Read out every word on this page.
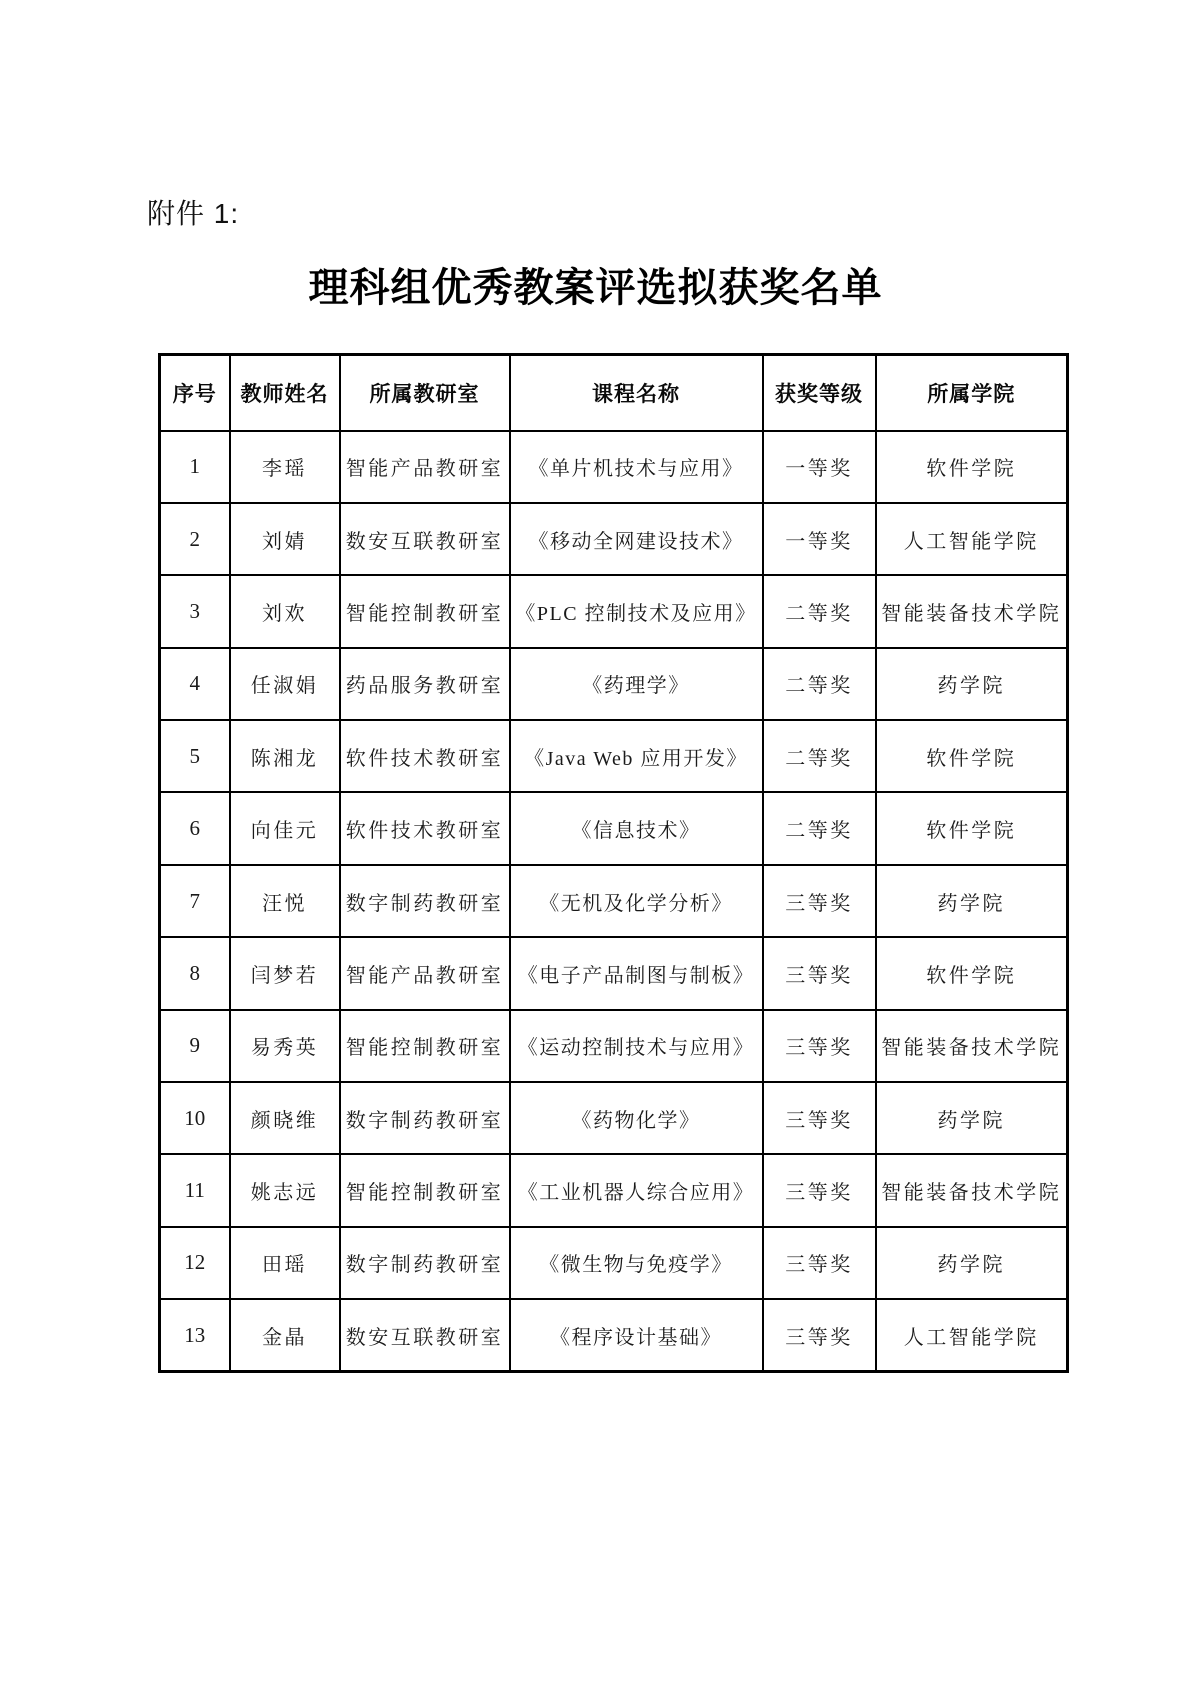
附件 1:
理科组优秀教案评选拟获奖名单
序号	教师姓名	所属教研室	课程名称	获奖等级	所属学院
1	李瑶	智能产品教研室	《单片机技术与应用》	一等奖	软件学院
2	刘婧	数安互联教研室	《移动全网建设技术》	一等奖	人工智能学院
3	刘欢	智能控制教研室	《PLC 控制技术及应用》	二等奖	智能装备技术学院
4	任淑娟	药品服务教研室	《药理学》	二等奖	药学院
5	陈湘龙	软件技术教研室	《Java Web 应用开发》	二等奖	软件学院
6	向佳元	软件技术教研室	《信息技术》	二等奖	软件学院
7	汪悦	数字制药教研室	《无机及化学分析》	三等奖	药学院
8	闫梦若	智能产品教研室	《电子产品制图与制板》	三等奖	软件学院
9	易秀英	智能控制教研室	《运动控制技术与应用》	三等奖	智能装备技术学院
10	颜晓维	数字制药教研室	《药物化学》	三等奖	药学院
11	姚志远	智能控制教研室	《工业机器人综合应用》	三等奖	智能装备技术学院
12	田瑶	数字制药教研室	《微生物与免疫学》	三等奖	药学院
13	金晶	数安互联教研室	《程序设计基础》	三等奖	人工智能学院
